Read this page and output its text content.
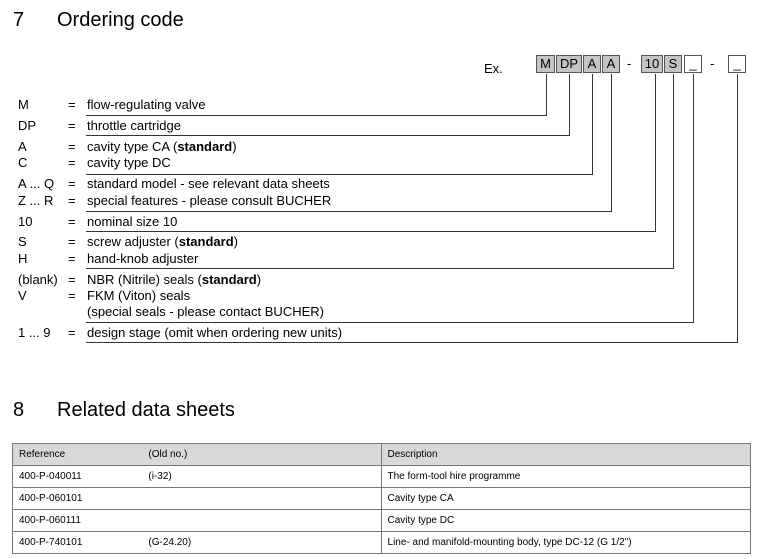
7 Ordering code
Ex.	M DP A A - 10 S _	-	_
M	= flow-regulating valve
DP = throttle cartridge
A	= cavity type CA (standard)
C	= cavity type DC
A ... Q = standard model - see relevant data sheets
Z ... R = special features - please consult BUCHER
10	= nominal size 10
S	= screw adjuster (standard)
H	= hand-knob adjuster
(blank) = NBR (Nitrile) seals (standard)
V	= FKM (Viton) seals
(special seals - please contact BUCHER)
1 ... 9 = design stage (omit when ordering new units)
8 Related data sheets
Reference	(Old no.)	Description
400-P-040011	(i-32)	The form-tool hire programme
400-P-060101		Cavity type CA
400-P-060111		Cavity type DC
400-P-740101	(G-24.20)	Line- and manifold-mounting body, type DC-12 (G 1/2")
